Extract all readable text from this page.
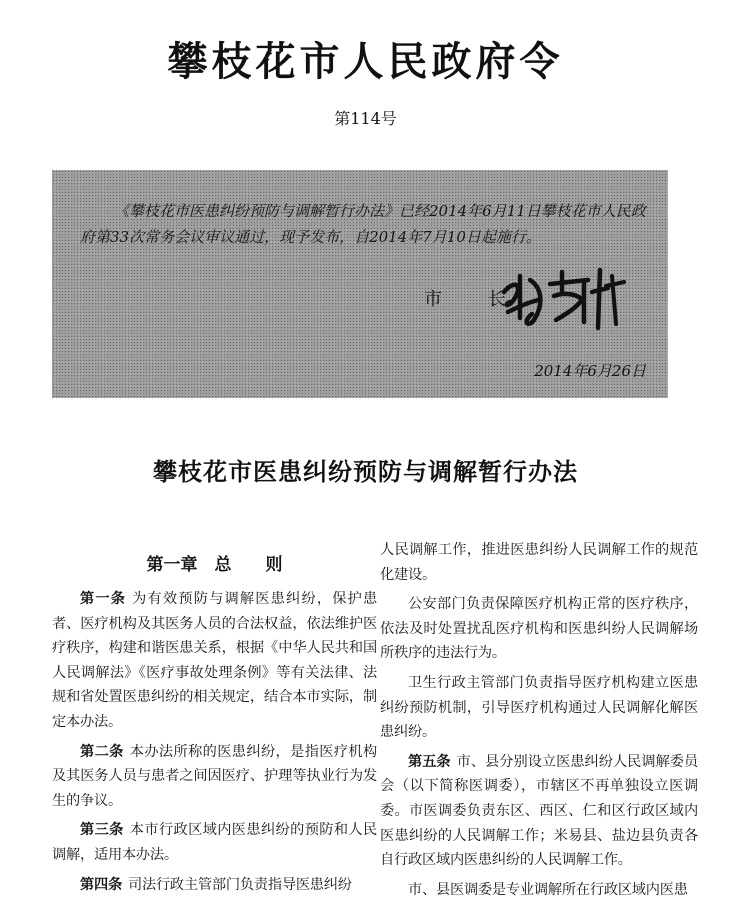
攀枝花市人民政府令
第114号
《攀枝花市医患纠纷预防与调解暂行办法》已经2014年6月11日攀枝花市人民政府第33次常务会议审议通过，现予发布，自2014年7月10日起施行。
市 长
2014年6月26日
攀枝花市医患纠纷预防与调解暂行办法
第一章　总　　则

第一条 为有效预防与调解医患纠纷，保护患者、医疗机构及其医务人员的合法权益，依法维护医疗秩序，构建和谐医患关系，根据《中华人民共和国人民调解法》《医疗事故处理条例》等有关法律、法规和省处置医患纠纷的相关规定，结合本市实际，制定本办法。

第二条 本办法所称的医患纠纷，是指医疗机构及其医务人员与患者之间因医疗、护理等执业行为发生的争议。

第三条 本市行政区域内医患纠纷的预防和人民调解，适用本办法。

第四条 司法行政主管部门负责指导医患纠纷

人民调解工作，推进医患纠纷人民调解工作的规范化建设。

公安部门负责保障医疗机构正常的医疗秩序，依法及时处置扰乱医疗机构和医患纠纷人民调解场所秩序的违法行为。

卫生行政主管部门负责指导医疗机构建立医患纠纷预防机制，引导医疗机构通过人民调解化解医患纠纷。

第五条 市、县分别设立医患纠纷人民调解委员会（以下简称医调委），市辖区不再单独设立医调委。市医调委负责东区、西区、仁和区行政区域内医患纠纷的人民调解工作；米易县、盐边县负责各自行政区域内医患纠纷的人民调解工作。

市、县医调委是专业调解所在行政区域内医患
